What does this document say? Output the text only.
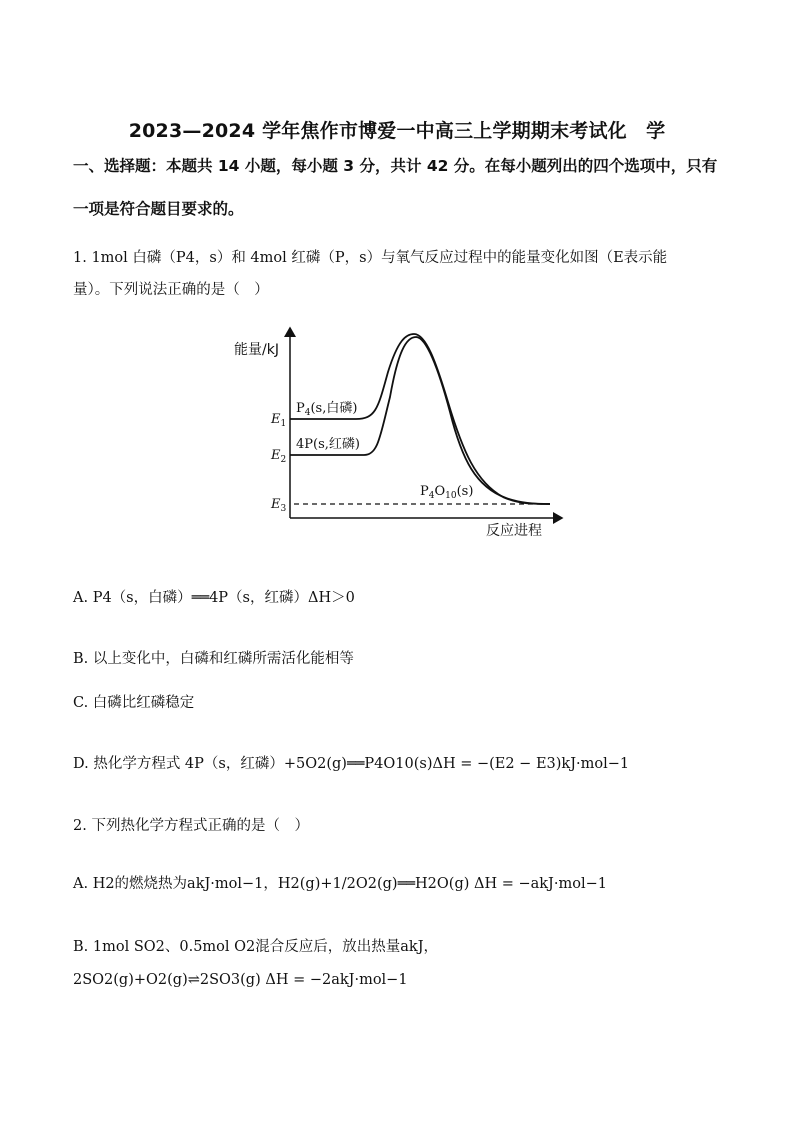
2023—2024 学年焦作市博爱一中高三上学期期末考试化　学
一、选择题：本题共 14 小题，每小题 3 分，共计 42 分。在每小题列出的四个选项中，只有
一项是符合题目要求的。
1. 1mol 白磷（P4，s）和 4mol 红磷（P，s）与氧气反应过程中的能量变化如图（E表示能
量）。下列说法正确的是（　）
能量/kJ
反应进程
$P_4(s$,白磷)
4P(s,红磷)
$P_4O_{10}(s)$
$E_1$
$E_2$
$E_3$
A. P4（s，白磷）══4P（s，红磷）ΔH＞0
B. 以上变化中，白磷和红磷所需活化能相等
C. 白磷比红磷稳定
D. 热化学方程式 4P（s，红磷）+5O2(g)══P4O10(s)ΔH = −(E2 − E3)kJ·mol−1
2. 下列热化学方程式正确的是（　）
A. H2的燃烧热为akJ·mol−1，H2(g)+1/2O2(g)══H2O(g) ΔH = −akJ·mol−1
B. 1mol SO2、0.5mol O2混合反应后，放出热量akJ，
2SO2(g)+O2(g)⇌2SO3(g) ΔH = −2akJ·mol−1
